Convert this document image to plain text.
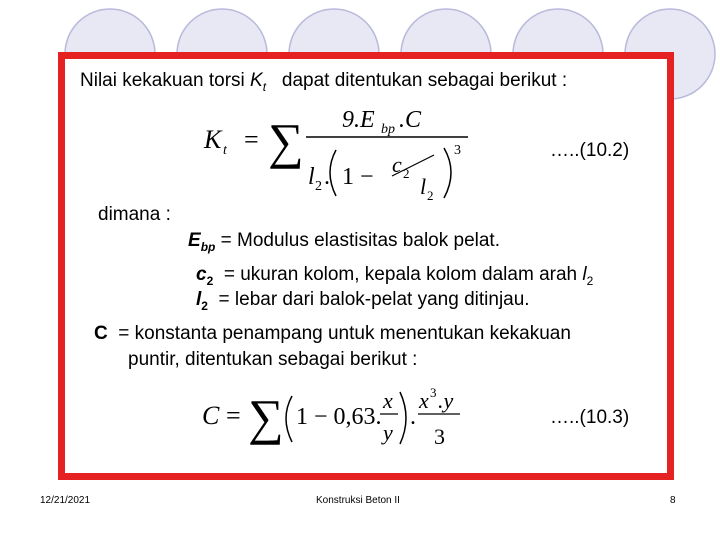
Nilai kekakuan torsi $K_t$ dapat ditentukan sebagai berikut :
K t = ∑ 9.E bp .C
l 2 . 1 − c 2
l 2
3	…..(10.2)
dimana :
$E_{bp}$ = Modulus elastisitas balok pelat.
$c_2$  = ukuran kolom, kepala kolom dalam arah $l_2$
$l_2$  = lebar dari balok-pelat yang ditinjau.
C  = konstanta penampang untuk menentukan kekakuan
puntir, ditentukan sebagai berikut :
C = ∑ 1 − 0,63.
x
y
.
x 3 .y
3
…..(10.3)
12/21/2021	Konstruksi Beton II	8
